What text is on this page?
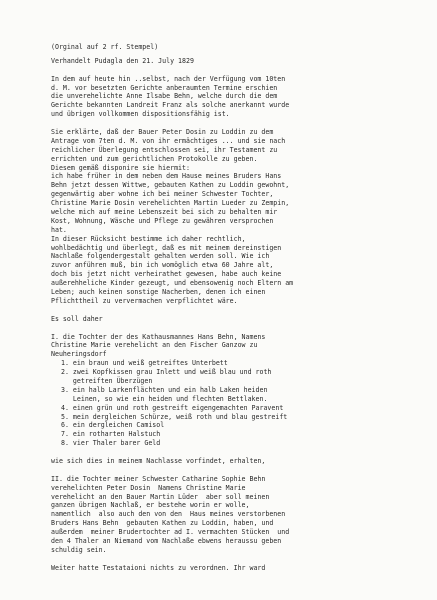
(Orginal auf 2 rf. Stempel)
Verhandelt Pudagla den 21. July 1829
In dem auf heute hin ..selbst, nach der Verfügung vom 10ten
d. M. vor besetzten Gerichte anberaumten Termine erschien
die unverehelichte Anne Ilsabe Behn, welche durch die dem
Gerichte bekannten Landreit Franz als solche anerkannt wurde
und übrigen vollkommen dispositionsfähig ist.
Sie erklärte, daß der Bauer Peter Dosin zu Loddin zu dem
Antrage vom 7ten d. M. von ihr ermächtiges ... und sie nach
reichlicher Überlegung entschlossen sei, ihr Testament zu
errichten und zum gerichtlichen Protokolle zu geben.
Diesem gemäß disponire sie hiermit:
ich habe früher in dem neben dem Hause meines Bruders Hans
Behn jetzt dessen Wittwe, gebauten Kathen zu Loddin gewohnt,
gegenwärtig aber wohne ich bei meiner Schwester Tochter,
Christine Marie Dosin verehelichten Martin Lueder zu Zempin,
welche mich auf meine Lebenszeit bei sich zu behalten mir
Kost, Wohnung, Wäsche und Pflege zu gewähren versprochen
hat.
In dieser Rücksicht bestimme ich daher rechtlich,
wohlbedächtig und überlegt, daß es mit meinem dereinstigen
Nachlaße folgendergestalt gehalten werden soll. Wie ich
zuvor anführen muß, bin ich womöglich etwa 60 Jahre alt,
doch bis jetzt nicht verheirathet gewesen, habe auch keine
außerehheliche Kinder gezeugt, und ebensowenig noch Eltern am
Leben; auch keinen sonstige Nacherben, denen ich einen
Pflichttheil zu ververmachen verpflichtet wäre.
Es soll daher
I. die Tochter der des Kathausmannes Hans Behn, Namens
Christine Marie verehelicht an den Fischer Ganzow zu
Neuheringsdorf
1. ein braun und weiß getreiftes Unterbett
2. zwei Kopfkissen grau Inlett und weiß blau und roth
getreiften Überzügen
3. ein halb Larkenflächten und ein halb Laken heiden
Leinen, so wie ein heiden und flechten Bettlaken.
4. einen grün und roth gestreift eigengemachten Paravent
5. mein dergleichen Schürze, weiß roth und blau gestreift
6. ein dergleichen Camisol
7. ein rotharten Halstuch
8. vier Thaler barer Geld
wie sich dies in meinem Nachlasse vorfindet, erhalten,
II. die Tochter meiner Schwester Catharine Sophie Behn
verehelichten Peter Dosin  Namens Christine Marie
verehelicht an den Bauer Martin Lüder  aber soll meinen
ganzen übrigen Nachlaß, er bestehe worin er wolle,
namentlich  also auch den von den  Haus meines verstorbenen
Bruders Hans Behn  gebauten Kathen zu Loddin, haben, und
außerdem  meiner Brudertochter ad I. vermachten Stücken  und
den 4 Thaler an Niemand vom Nachlaße ebwens heraussu geben
schuldig sein.
Weiter hatte Testataioni nichts zu verordnen. Ihr ward
